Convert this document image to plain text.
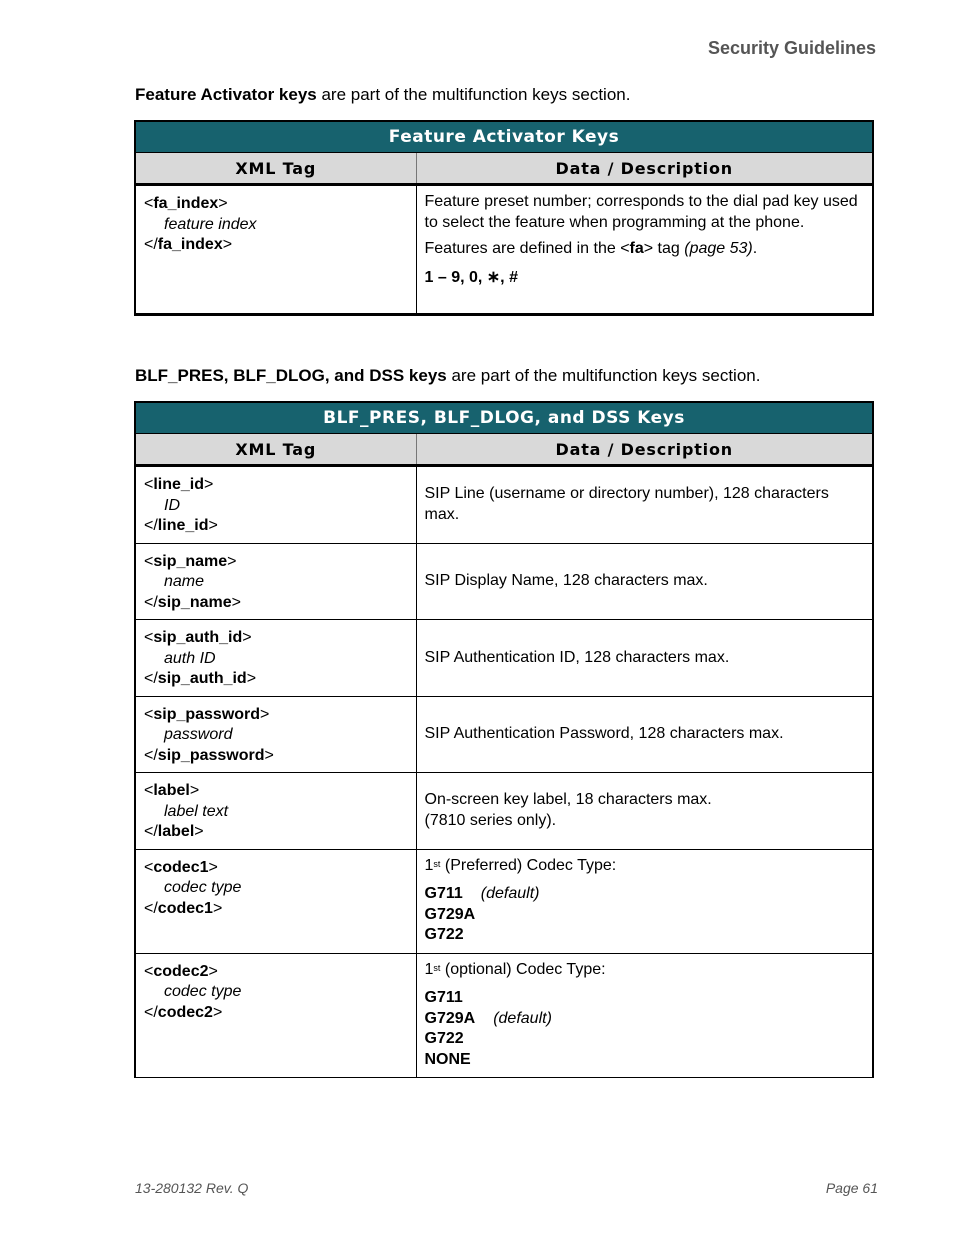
Security Guidelines
Feature Activator keys are part of the multifunction keys section.
Feature Activator Keys	
XML Tag	Data / Description

<fa_index>
feature index
</fa_index>	Feature preset number; corresponds to the dial pad key used to select the feature when programming at the phone.
Features are defined in the <fa> tag (page 53).
1 – 9, 0, ∗, #
BLF_PRES, BLF_DLOG, and DSS keys are part of the multifunction keys section.
BLF_PRES, BLF_DLOG, and DSS Keys	
XML Tag	Data / Description

<line_id>
ID
</line_id>	SIP Line (username or directory number), 128 characters max.

<sip_name>
name
</sip_name>	SIP Display Name, 128 characters max.

<sip_auth_id>
auth ID
</sip_auth_id>	SIP Authentication ID, 128 characters max.

<sip_password>
password
</sip_password>	SIP Authentication Password, 128 characters max.

<label>
label text
</label>	On-screen key label, 18 characters max.
(7810 series only).

<codec1>
codec type
</codec1>	1st (Preferred) Codec Type:
G711 (default)
G729A
G722

<codec2>
codec type
</codec2>	1st (optional) Codec Type:
G711
G729A (default)
G722
NONE
13-280132 Rev. Q	Page 61
